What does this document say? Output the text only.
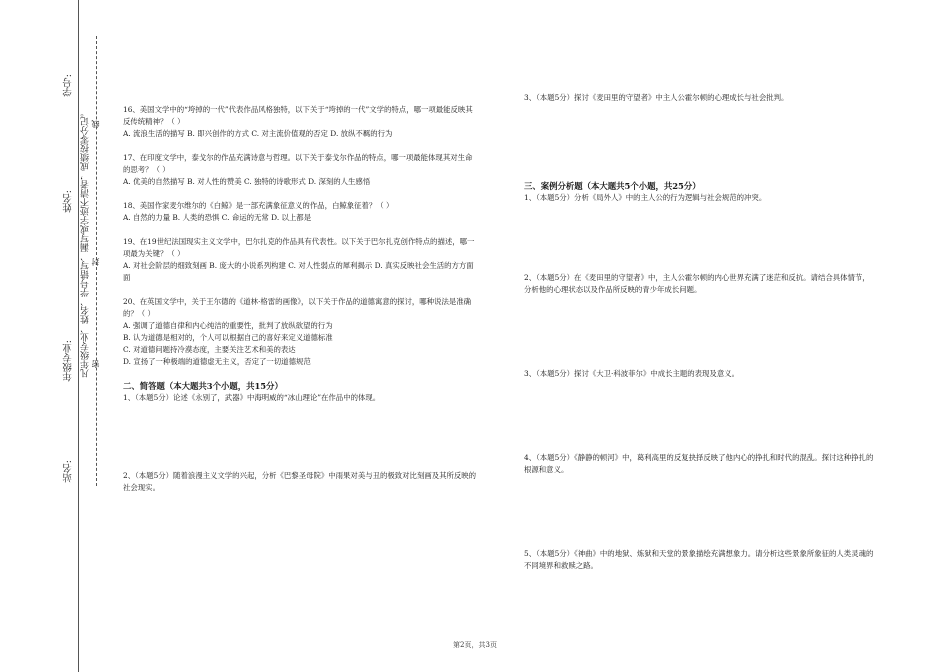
学号:
姓名:
年级专业:
站名:
凡年级专业、姓名、学号错写、漏写或字迹不清者，成绩按零分记。 密
封
线
16、美国文学中的“垮掉的一代”代表作品风格独特，以下关于“垮掉的一代”文学的特点，哪一项最能反映其反传统精神？（ ）
A. 流浪生活的描写 B. 即兴创作的方式 C. 对主流价值观的否定 D. 放纵不羁的行为
17、在印度文学中，泰戈尔的作品充满诗意与哲理。以下关于泰戈尔作品的特点，哪一项最能体现其对生命的思考？（ ）
A. 优美的自然描写 B. 对人性的赞美 C. 独特的诗歌形式 D. 深刻的人生感悟
18、美国作家麦尔维尔的《白鲸》是一部充满象征意义的作品，白鲸象征着？（ ）
A. 自然的力量 B. 人类的恐惧 C. 命运的无常 D. 以上都是
19、在19世纪法国现实主义文学中，巴尔扎克的作品具有代表性。以下关于巴尔扎克创作特点的描述，哪一项最为关键？（ ）
A. 对社会阶层的细致刻画 B. 庞大的小说系列构建 C. 对人性弱点的犀利揭示 D. 真实反映社会生活的方方面面
20、在英国文学中，关于王尔德的《道林·格雷的画像》，以下关于作品的道德寓意的探讨，哪种说法是准确的？（ ）
A. 强调了道德自律和内心纯洁的重要性，批判了放纵欲望的行为
B. 认为道德是相对的，个人可以根据自己的喜好来定义道德标准
C. 对道德问题持冷漠态度，主要关注艺术和美的表达
D. 宣扬了一种极端的道德虚无主义，否定了一切道德规范

二、简答题（本大题共3个小题，共15分）

1、（本题5分）论述《永别了，武器》中海明威的“冰山理论”在作品中的体现。

2、（本题5分）随着浪漫主义文学的兴起，分析《巴黎圣母院》中雨果对美与丑的极致对比刻画及其所反映的社会现实。

3、（本题5分）探讨《麦田里的守望者》中主人公霍尔顿的心理成长与社会批判。

三、案例分析题（本大题共5个小题，共25分）

1、（本题5分）分析《局外人》中的主人公的行为逻辑与社会规范的冲突。

2、（本题5分）在《麦田里的守望者》中，主人公霍尔顿的内心世界充满了迷茫和反抗。请结合具体情节，分析他的心理状态以及作品所反映的青少年成长问题。

3、（本题5分）探讨《大卫·科波菲尔》中成长主题的表现及意义。

4、（本题5分）《静静的顿河》中，葛利高里的反复抉择反映了他内心的挣扎和时代的混乱。探讨这种挣扎的根源和意义。

5、（本题5分）《神曲》中的地狱、炼狱和天堂的景象描绘充满想象力。请分析这些景象所象征的人类灵魂的不同境界和救赎之路。

第2页，共3页
